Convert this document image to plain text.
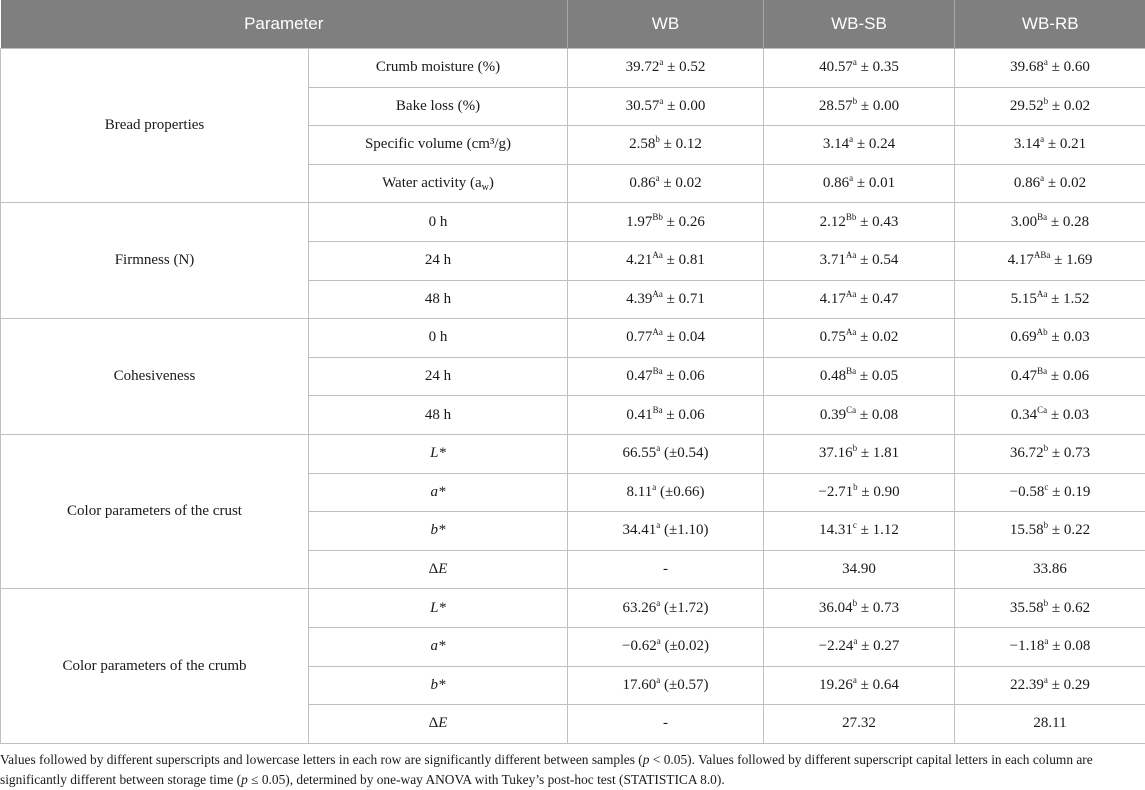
Parameter		WB	WB-SB	WB-RB
Bread properties	Crumb moisture (%)	39.72$^a$ ± 0.52	40.57$^a$ ± 0.35	39.68$^a$ ± 0.60
	Bake loss (%)	30.57$^a$ ± 0.00	28.57$^b$ ± 0.00	29.52$^b$ ± 0.02
	Specific volume (cm³/g)	2.58$^b$ ± 0.12	3.14$^a$ ± 0.24	3.14$^a$ ± 0.21
	Water activity $(a_w)$	0.86$^a$ ± 0.02	0.86$^a$ ± 0.01	0.86$^a$ ± 0.02
Firmness (N)	0 h	$1.97^{Bb} \pm 0.26$	$2.12^{Bb} \pm 0.43$	$3.00^{Ba} \pm 0.28$
	24 h	$4.21^{Aa} \pm 0.81$	$3.71^{Aa} \pm 0.54$	$4.17^{ABa} \pm 1.69$
	48 h	$4.39^{Aa} \pm 0.71$	$4.17^{Aa} \pm 0.47$	$5.15^{Aa} \pm 1.52$
Cohesiveness	0 h	$0.77^{Aa} \pm 0.04$	$0.75^{Aa} \pm 0.02$	$0.69^{Ab} \pm 0.03$
	24 h	$0.47^{Ba} \pm 0.06$	$0.48^{Ba} \pm 0.05$	$0.47^{Ba} \pm 0.06$
	48 h	$0.41^{Ba} \pm 0.06$	$0.39^{Ca} \pm 0.08$	$0.34^{Ca} \pm 0.03$
Color parameters of the crust	L*	66.55$^a$ (±0.54)	37.16$^b$ ± 1.81	36.72$^b$ ± 0.73
	a*	8.11$^a$ (±0.66)	−2.71$^b$ ± 0.90	−0.58$^c$ ± 0.19
	b*	34.41$^a$ (±1.10)	14.31$^c$ ± 1.12	15.58$^b$ ± 0.22
	ΔE	-	34.90	33.86
Color parameters of the crumb	L*	63.26$^a$ (±1.72)	36.04$^b$ ± 0.73	35.58$^b$ ± 0.62
	a*	−0.62$^a$ (±0.02)	−2.24$^a$ ± 0.27	−1.18$^a$ ± 0.08
	b*	17.60$^a$ (±0.57)	19.26$^a$ ± 0.64	22.39$^a$ ± 0.29
	ΔE	-	27.32	28.11
Values followed by different superscripts and lowercase letters in each row are significantly different between samples (p < 0.05). Values followed by different superscript capital letters in each column are significantly different between storage time (p ≤ 0.05), determined by one-way ANOVA with Tukey’s post-hoc test (STATISTICA 8.0).
